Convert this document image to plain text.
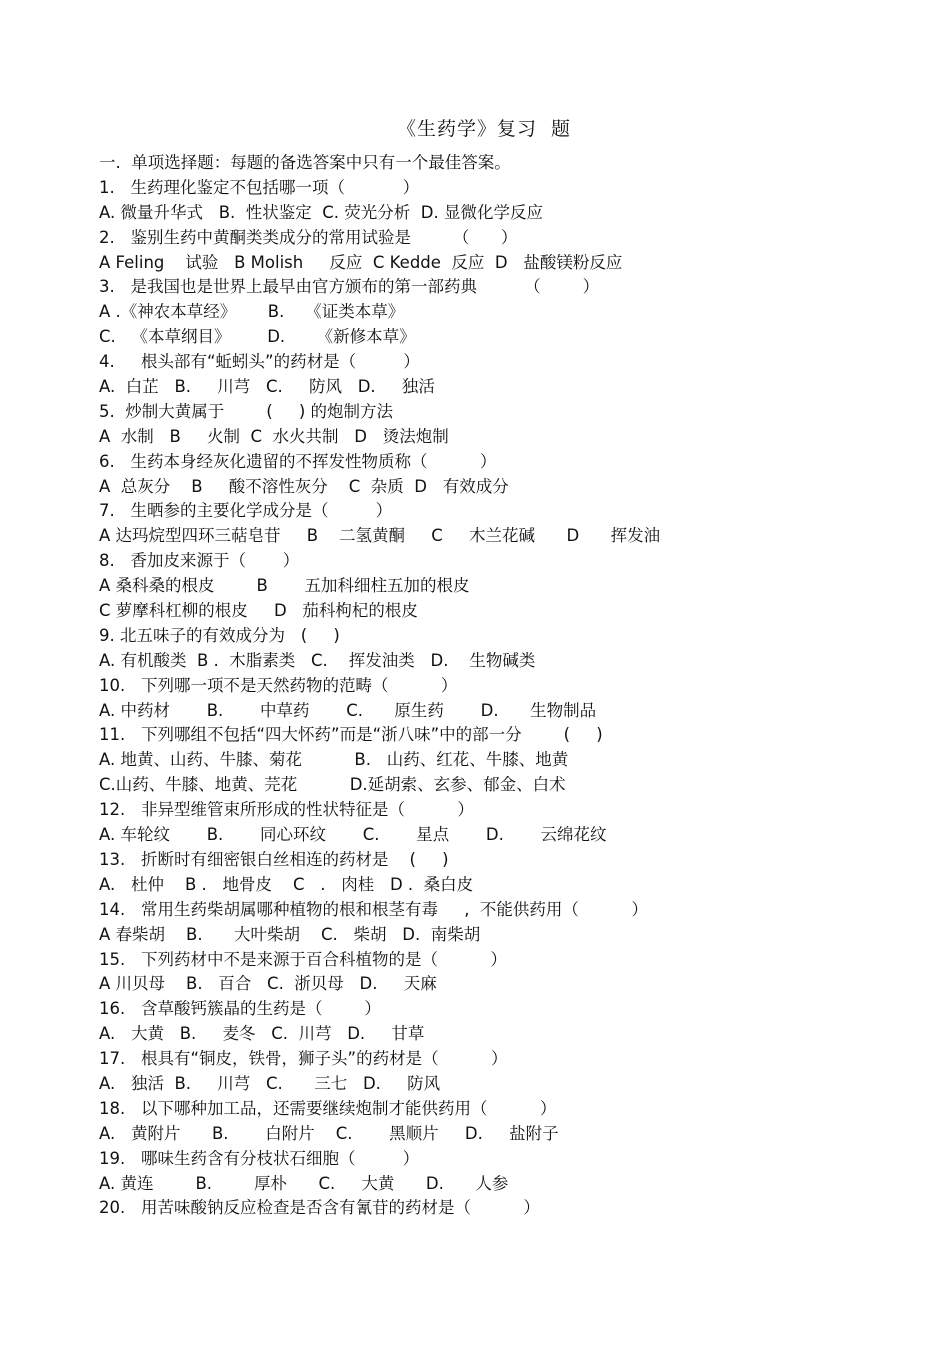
《生药学》复习  题
一.  单项选择题：每题的备选答案中只有一个最佳答案。
1.   生药理化鉴定不包括哪一项（           ）
A. 微量升华式   B.  性状鉴定  C. 荧光分析  D. 显微化学反应
2.   鉴别生药中黄酮类类成分的常用试验是        （      ）
A Feling    试验   B Molish     反应  C Kedde  反应  D   盐酸镁粉反应
3.   是我国也是世界上最早由官方颁布的第一部药典         （        ）
A .《神农本草经》      B.    《证类本草》
C.   《本草纲目》       D.      《新修本草》
4.     根头部有“蚯蚓头”的药材是（         ）
A.  白芷   B.     川芎   C.     防风   D.     独活
5.  炒制大黄属于        (     ) 的炮制方法
A  水制   B     火制  C  水火共制   D   烫法炮制
6.   生药本身经灰化遗留的不挥发性物质称（          ）
A  总灰分    B     酸不溶性灰分    C  杂质  D   有效成分
7.   生晒参的主要化学成分是（         ）
A 达玛烷型四环三萜皂苷     B    二氢黄酮     C     木兰花碱      D      挥发油
8.   香加皮来源于（       ）
A 桑科桑的根皮        B       五加科细柱五加的根皮
C 萝摩科杠柳的根皮     D   茄科枸杞的根皮
9. 北五味子的有效成分为   (     )
A. 有机酸类  B .  木脂素类   C.    挥发油类   D.    生物碱类
10.   下列哪一项不是天然药物的范畴（          ）
A. 中药材       B.       中草药       C.      原生药       D.      生物制品
11.   下列哪组不包括“四大怀药”而是“浙八味”中的部一分        (     )
A. 地黄、山药、牛膝、菊花          B.   山药、红花、牛膝、地黄
C.山药、牛膝、地黄、芫花          D.延胡索、玄参、郁金、白术
12.   非异型维管束所形成的性状特征是（          ）
A. 车轮纹       B.       同心环纹       C.       星点       D.       云绵花纹
13.   折断时有细密银白丝相连的药材是    (     )
A.   杜仲    B .   地骨皮    C   .   肉桂   D .  桑白皮
14.   常用生药柴胡属哪种植物的根和根茎有毒     ,  不能供药用（          ）
A 春柴胡    B.      大叶柴胡    C.   柴胡   D.  南柴胡
15.   下列药材中不是来源于百合科植物的是（          ）
A 川贝母    B.   百合   C.  浙贝母   D.     天麻
16.   含草酸钙簇晶的生药是（        ）
A.   大黄   B.     麦冬   C.  川芎   D.     甘草
17.   根具有“铜皮，铁骨，狮子头”的药材是（          ）
A.   独活  B.     川芎   C.      三七   D.     防风
18.   以下哪种加工品，还需要继续炮制才能供药用（          ）
A.   黄附片      B.       白附片    C.       黑顺片     D.     盐附子
19.   哪味生药含有分枝状石细胞（         ）
A. 黄连        B.        厚朴      C.     大黄      D.      人参
20.   用苦味酸钠反应检查是否含有氰苷的药材是（          ）
